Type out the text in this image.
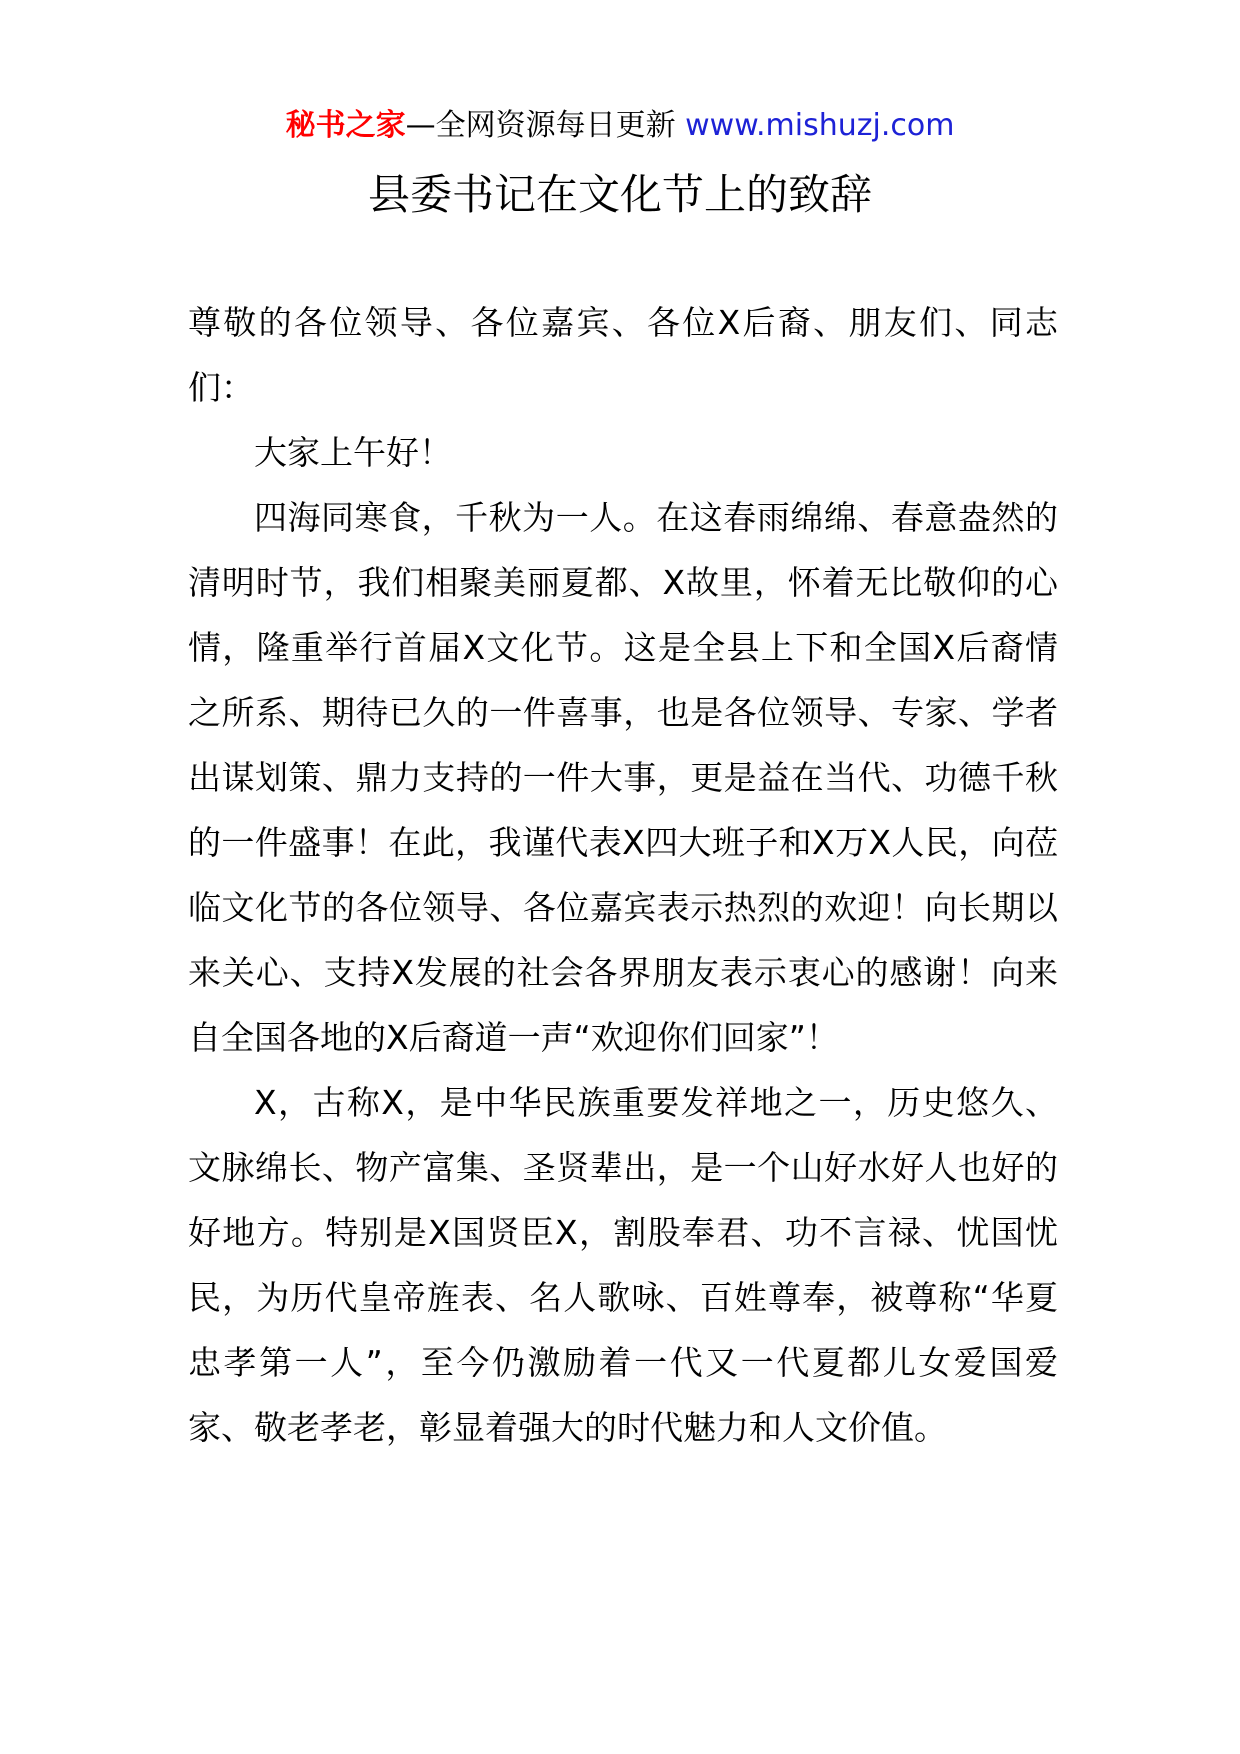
秘书之家—全网资源每日更新 www.mishuzj.com
县委书记在文化节上的致辞

尊敬的各位领导、各位嘉宾、各位X后裔、朋友们、同志们：

大家上午好！

四海同寒食，千秋为一人。在这春雨绵绵、春意盎然的清明时节，我们相聚美丽夏都、X故里，怀着无比敬仰的心情，隆重举行首届X文化节。这是全县上下和全国X后裔情之所系、期待已久的一件喜事，也是各位领导、专家、学者出谋划策、鼎力支持的一件大事，更是益在当代、功德千秋的一件盛事！在此，我谨代表X四大班子和X万X人民，向莅临文化节的各位领导、各位嘉宾表示热烈的欢迎！向长期以来关心、支持X发展的社会各界朋友表示衷心的感谢！向来自全国各地的X后裔道一声“欢迎你们回家”！

X，古称X，是中华民族重要发祥地之一，历史悠久、文脉绵长、物产富集、圣贤辈出，是一个山好水好人也好的好地方。特别是X国贤臣X，割股奉君、功不言禄、忧国忧民，为历代皇帝旌表、名人歌咏、百姓尊奉，被尊称“华夏忠孝第一人”，至今仍激励着一代又一代夏都儿女爱国爱家、敬老孝老，彰显着强大的时代魅力和人文价值。
